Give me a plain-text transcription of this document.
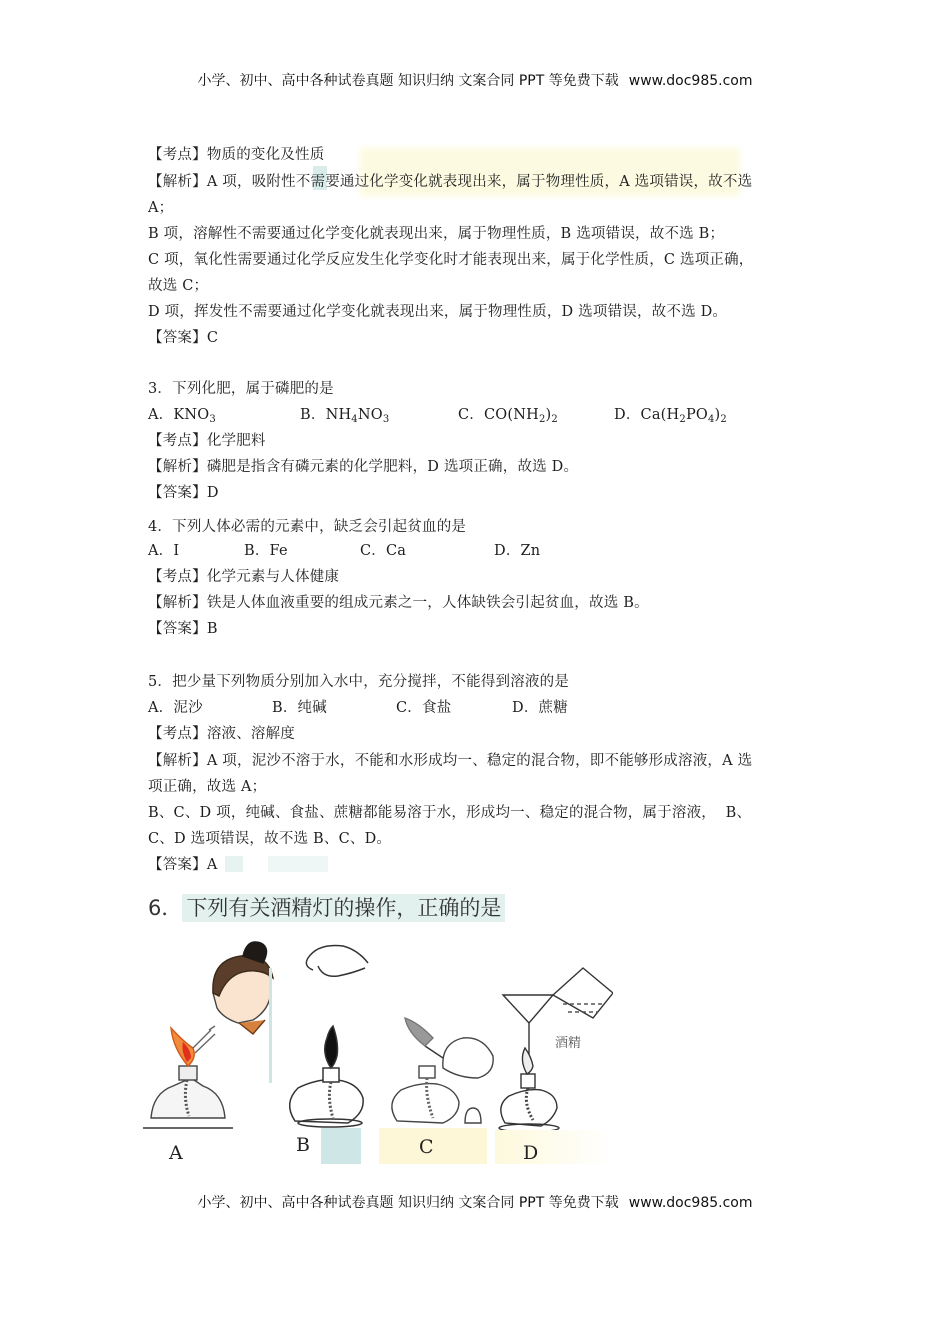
小学、初中、高中各种试卷真题 知识归纳 文案合同 PPT 等免费下载 www.doc985.com
【考点】物质的变化及性质
【解析】A 项，吸附性不需要通过化学变化就表现出来，属于物理性质，A 选项错误，故不选
A；
B 项，溶解性不需要通过化学变化就表现出来，属于物理性质，B 选项错误，故不选 B；
C 项，氧化性需要通过化学反应发生化学变化时才能表现出来，属于化学性质，C 选项正确，
故选 C；
D 项，挥发性不需要通过化学变化就表现出来，属于物理性质，D 选项错误，故不选 D。
【答案】C
3．下列化肥，属于磷肥的是
A．$KNO_3$	B．$NH_4NO_3$	C．$CO(NH_2)_2$	D．$Ca(H_2PO_4)_2$
【考点】化学肥料
【解析】磷肥是指含有磷元素的化学肥料，D 选项正确，故选 D。
【答案】D
4．下列人体必需的元素中，缺乏会引起贫血的是
A．I	B．Fe	C．Ca	D．Zn
【考点】化学元素与人体健康
【解析】铁是人体血液重要的组成元素之一，人体缺铁会引起贫血，故选 B。
【答案】B
5．把少量下列物质分别加入水中，充分搅拌，不能得到溶液的是
A．泥沙	B．纯碱	C．食盐	D．蔗糖
【考点】溶液、溶解度
【解析】A 项，泥沙不溶于水，不能和水形成均一、稳定的混合物，即不能够形成溶液，A 选
项正确，故选 A；
B、C、D 项，纯碱、食盐、蔗糖都能易溶于水，形成均一、稳定的混合物，属于溶液，  B、
C、D 选项错误，故不选 B、C、D。
【答案】A
6． 下列有关酒精灯的操作，正确的是
酒精
A	B	C	D
小学、初中、高中各种试卷真题 知识归纳 文案合同 PPT 等免费下载 www.doc985.com
